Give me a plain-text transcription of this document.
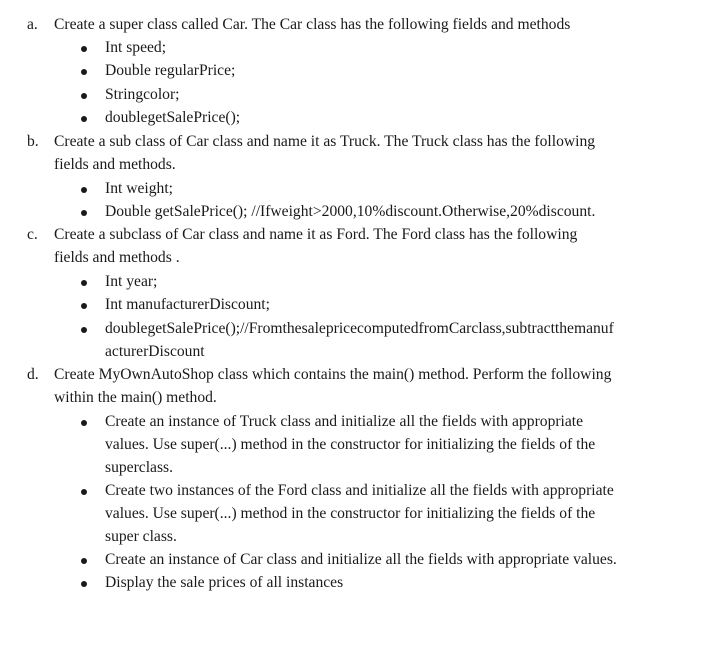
a. Create a super class called Car. The Car class has the following fields and methods
Int speed;
Double regularPrice;
Stringcolor;
doublegetSalePrice();
b. Create a sub class of Car class and name it as Truck. The Truck class has the following
fields and methods.
Int weight;
Double getSalePrice(); //Ifweight>2000,10%discount.Otherwise,20%discount.
c. Create a subclass of Car class and name it as Ford. The Ford class has the following
fields and methods .
Int year;
Int manufacturerDiscount;
doublegetSalePrice();//FromthesalepricecomputedfromCarclass,subtractthemanuf
acturerDiscount
d. Create MyOwnAutoShop class which contains the main() method. Perform the following
within the main() method.
Create an instance of Truck class and initialize all the fields with appropriate
values. Use super(...) method in the constructor for initializing the fields of the
superclass.
Create two instances of the Ford class and initialize all the fields with appropriate
values. Use super(...) method in the constructor for initializing the fields of the
super class.
Create an instance of Car class and initialize all the fields with appropriate values.
Display the sale prices of all instances
